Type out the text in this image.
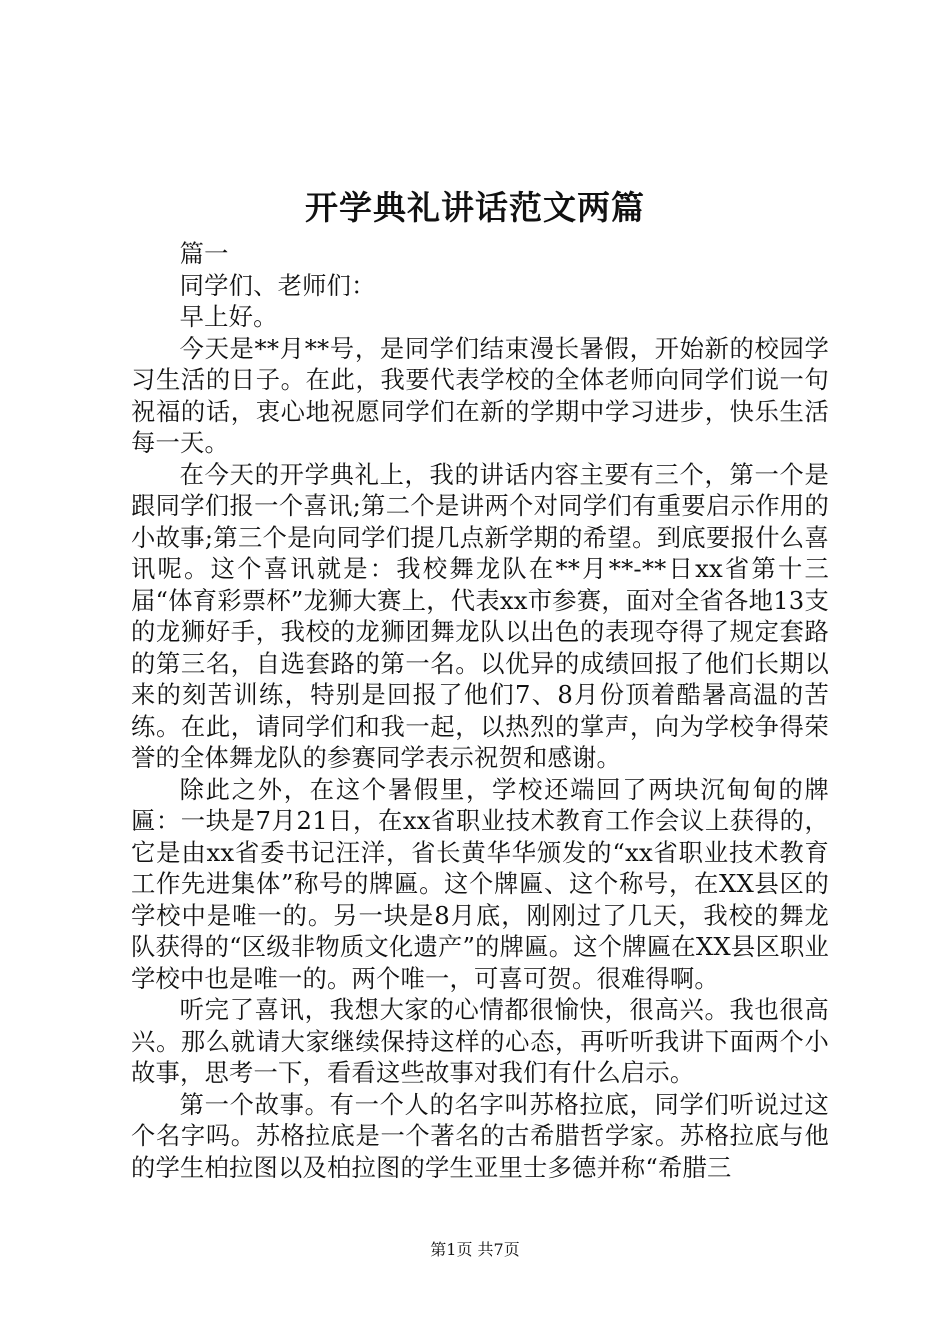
开学典礼讲话范文两篇

篇一

同学们、老师们：

早上好。

今天是**月**号，是同学们结束漫长暑假，开始新的校园学习生活的日子。在此，我要代表学校的全体老师向同学们说一句祝福的话，衷心地祝愿同学们在新的学期中学习进步，快乐生活每一天。

在今天的开学典礼上，我的讲话内容主要有三个，第一个是跟同学们报一个喜讯;第二个是讲两个对同学们有重要启示作用的小故事;第三个是向同学们提几点新学期的希望。到底要报什么喜讯呢。这个喜讯就是：我校舞龙队在**月**-**日xx省第十三届“体育彩票杯”龙狮大赛上，代表xx市参赛，面对全省各地13支的龙狮好手，我校的龙狮团舞龙队以出色的表现夺得了规定套路的第三名，自选套路的第一名。以优异的成绩回报了他们长期以来的刻苦训练，特别是回报了他们7、8月份顶着酷暑高温的苦练。在此，请同学们和我一起，以热烈的掌声，向为学校争得荣誉的全体舞龙队的参赛同学表示祝贺和感谢。

除此之外，在这个暑假里，学校还端回了两块沉甸甸的牌匾：一块是7月21日，在xx省职业技术教育工作会议上获得的，它是由xx省委书记汪洋，省长黄华华颁发的“xx省职业技术教育工作先进集体”称号的牌匾。这个牌匾、这个称号，在XX县区的学校中是唯一的。另一块是8月底，刚刚过了几天，我校的舞龙队获得的“区级非物质文化遗产”的牌匾。这个牌匾在XX县区职业学校中也是唯一的。两个唯一，可喜可贺。很难得啊。

听完了喜讯，我想大家的心情都很愉快，很高兴。我也很高兴。那么就请大家继续保持这样的心态，再听听我讲下面两个小故事，思考一下，看看这些故事对我们有什么启示。

第一个故事。有一个人的名字叫苏格拉底，同学们听说过这个名字吗。苏格拉底是一个著名的古希腊哲学家。苏格拉底与他的学生柏拉图以及柏拉图的学生亚里士多德并称“希腊三

第1页 共7页
